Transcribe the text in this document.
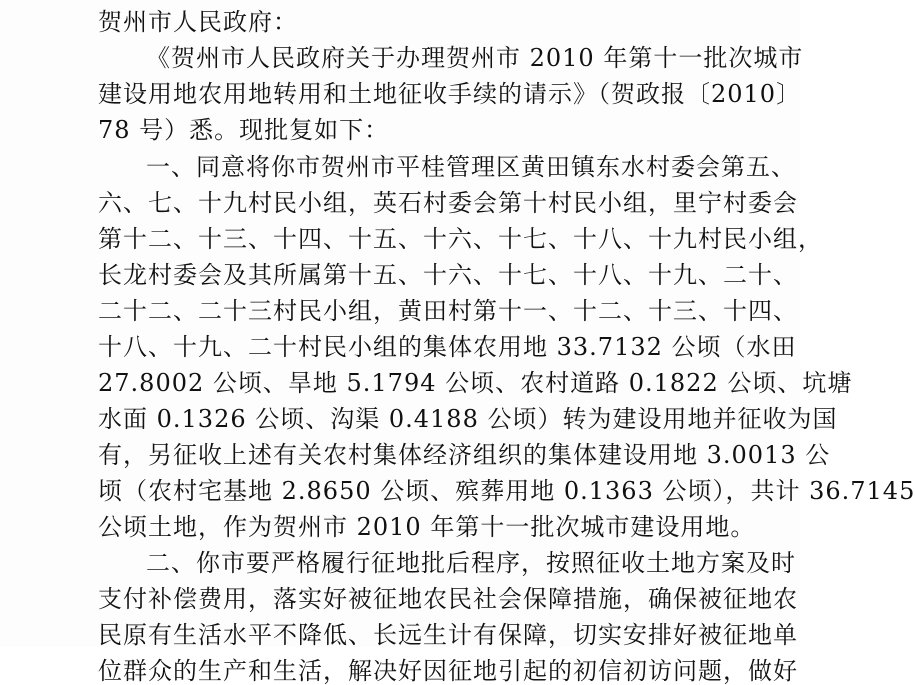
贺州市人民政府：
《贺州市人民政府关于办理贺州市 2010 年第十一批次城市
建设用地农用地转用和土地征收手续的请示》（贺政报〔2010〕
78 号）悉。现批复如下：
一、同意将你市贺州市平桂管理区黄田镇东水村委会第五、
六、七、十九村民小组，英石村委会第十村民小组，里宁村委会
第十二、十三、十四、十五、十六、十七、十八、十九村民小组，
长龙村委会及其所属第十五、十六、十七、十八、十九、二十、
二十二、二十三村民小组，黄田村第十一、十二、十三、十四、
十八、十九、二十村民小组的集体农用地 33.7132 公顷（水田
27.8002 公顷、旱地 5.1794 公顷、农村道路 0.1822 公顷、坑塘
水面 0.1326 公顷、沟渠 0.4188 公顷）转为建设用地并征收为国
有，另征收上述有关农村集体经济组织的集体建设用地 3.0013 公
顷（农村宅基地 2.8650 公顷、殡葬用地 0.1363 公顷），共计 36.7145
公顷土地，作为贺州市 2010 年第十一批次城市建设用地。
二、你市要严格履行征地批后程序，按照征收土地方案及时
支付补偿费用，落实好被征地农民社会保障措施，确保被征地农
民原有生活水平不降低、长远生计有保障，切实安排好被征地单
位群众的生产和生活，解决好因征地引起的初信初访问题，做好
